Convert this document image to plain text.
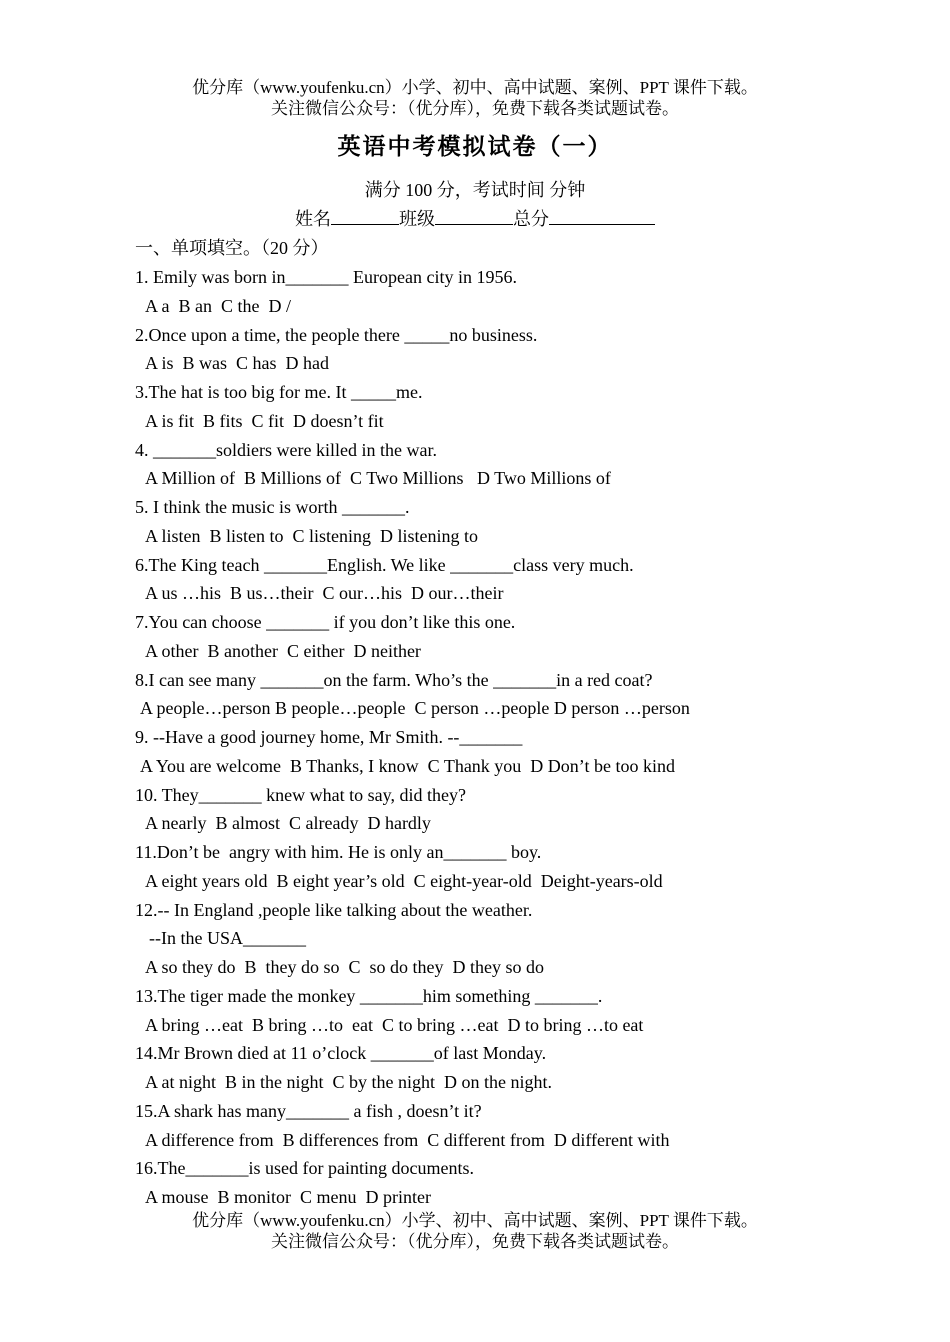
优分库（www.youfenku.cn）小学、初中、高中试题、案例、PPT 课件下载。
关注微信公众号：（优分库），免费下载各类试题试卷。
英语中考模拟试卷（一）
满分 100 分，考试时间 分钟
姓名	班级	总分
一、单项填空。（20 分）
1. Emily was born in_______ European city in 1956.
A a  B an  C the  D /
2.Once upon a time, the people there _____no business.
A is  B was  C has  D had
3.The hat is too big for me. It _____me.
A is fit  B fits  C fit  D doesn’t fit
4. _______soldiers were killed in the war.
A Million of  B Millions of  C Two Millions   D Two Millions of
5. I think the music is worth _______.
A listen  B listen to  C listening  D listening to
6.The King teach _______English. We like _______class very much.
A us …his  B us…their  C our…his  D our…their
7.You can choose _______ if you don’t like this one.
A other  B another  C either  D neither
8.I can see many _______on the farm. Who’s the _______in a red coat?
A people…person B people…people  C person …people D person …person
9. --Have a good journey home, Mr Smith. --_______
A You are welcome  B Thanks, I know  C Thank you  D Don’t be too kind
10. They_______ knew what to say, did they?
A nearly  B almost  C already  D hardly
11.Don’t be  angry with him. He is only an_______ boy.
A eight years old  B eight year’s old  C eight-year-old  Deight-years-old
12.-- In England ,people like talking about the weather.
--In the USA_______
A so they do  B  they do so  C  so do they  D they so do
13.The tiger made the monkey _______him something _______.
A bring …eat  B bring …to  eat  C to bring …eat  D to bring …to eat
14.Mr Brown died at 11 o’clock _______of last Monday.
A at night  B in the night  C by the night  D on the night.
15.A shark has many_______ a fish , doesn’t it?
A difference from  B differences from  C different from  D different with
16.The_______is used for painting documents.
A mouse  B monitor  C menu  D printer
优分库（www.youfenku.cn）小学、初中、高中试题、案例、PPT 课件下载。
关注微信公众号：（优分库），免费下载各类试题试卷。
